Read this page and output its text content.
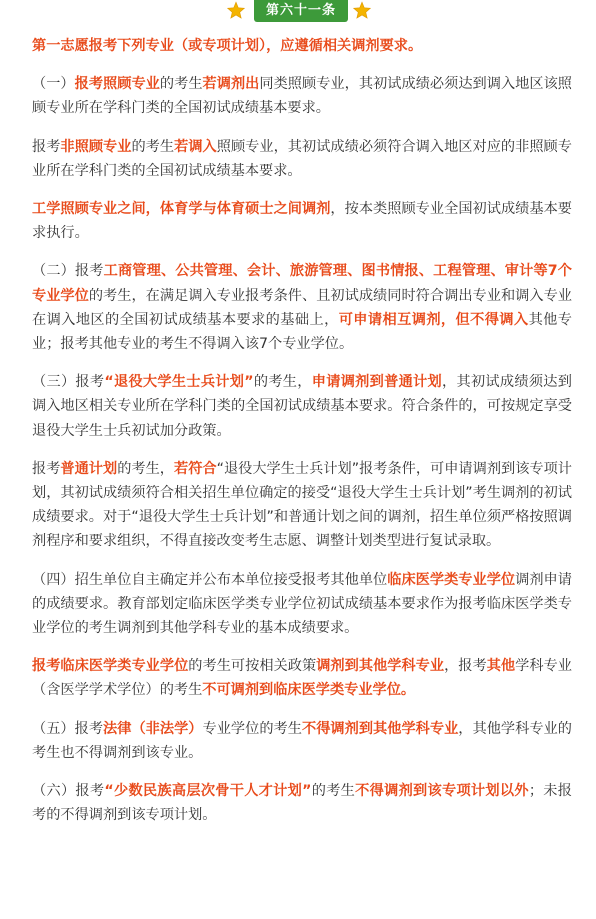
第六十一条

第一志愿报考下列专业（或专项计划），应遵循相关调剂要求。

（一）报考照顾专业的考生若调剂出同类照顾专业，其初试成绩必须达到调入地区该照顾专业所在学科门类的全国初试成绩基本要求。

报考非照顾专业的考生若调入照顾专业，其初试成绩必须符合调入地区对应的非照顾专业所在学科门类的全国初试成绩基本要求。

工学照顾专业之间，体育学与体育硕士之间调剂，按本类照顾专业全国初试成绩基本要求执行。

（二）报考工商管理、公共管理、会计、旅游管理、图书情报、工程管理、审计等7个专业学位的考生，在满足调入专业报考条件、且初试成绩同时符合调出专业和调入专业在调入地区的全国初试成绩基本要求的基础上，可申请相互调剂，但不得调入其他专业；报考其他专业的考生不得调入该7个专业学位。

（三）报考“退役大学生士兵计划”的考生，申请调剂到普通计划，其初试成绩须达到调入地区相关专业所在学科门类的全国初试成绩基本要求。符合条件的，可按规定享受退役大学生士兵初试加分政策。

报考普通计划的考生，若符合“退役大学生士兵计划”报考条件，可申请调剂到该专项计划，其初试成绩须符合相关招生单位确定的接受“退役大学生士兵计划”考生调剂的初试成绩要求。对于“退役大学生士兵计划”和普通计划之间的调剂，招生单位须严格按照调剂程序和要求组织，不得直接改变考生志愿、调整计划类型进行复试录取。

（四）招生单位自主确定并公布本单位接受报考其他单位临床医学类专业学位调剂申请的成绩要求。教育部划定临床医学类专业学位初试成绩基本要求作为报考临床医学类专业学位的考生调剂到其他学科专业的基本成绩要求。

报考临床医学类专业学位的考生可按相关政策调剂到其他学科专业，报考其他学科专业（含医学学术学位）的考生不可调剂到临床医学类专业学位。

（五）报考法律（非法学）专业学位的考生不得调剂到其他学科专业，其他学科专业的考生也不得调剂到该专业。

（六）报考“少数民族高层次骨干人才计划”的考生不得调剂到该专项计划以外；未报考的不得调剂到该专项计划。
